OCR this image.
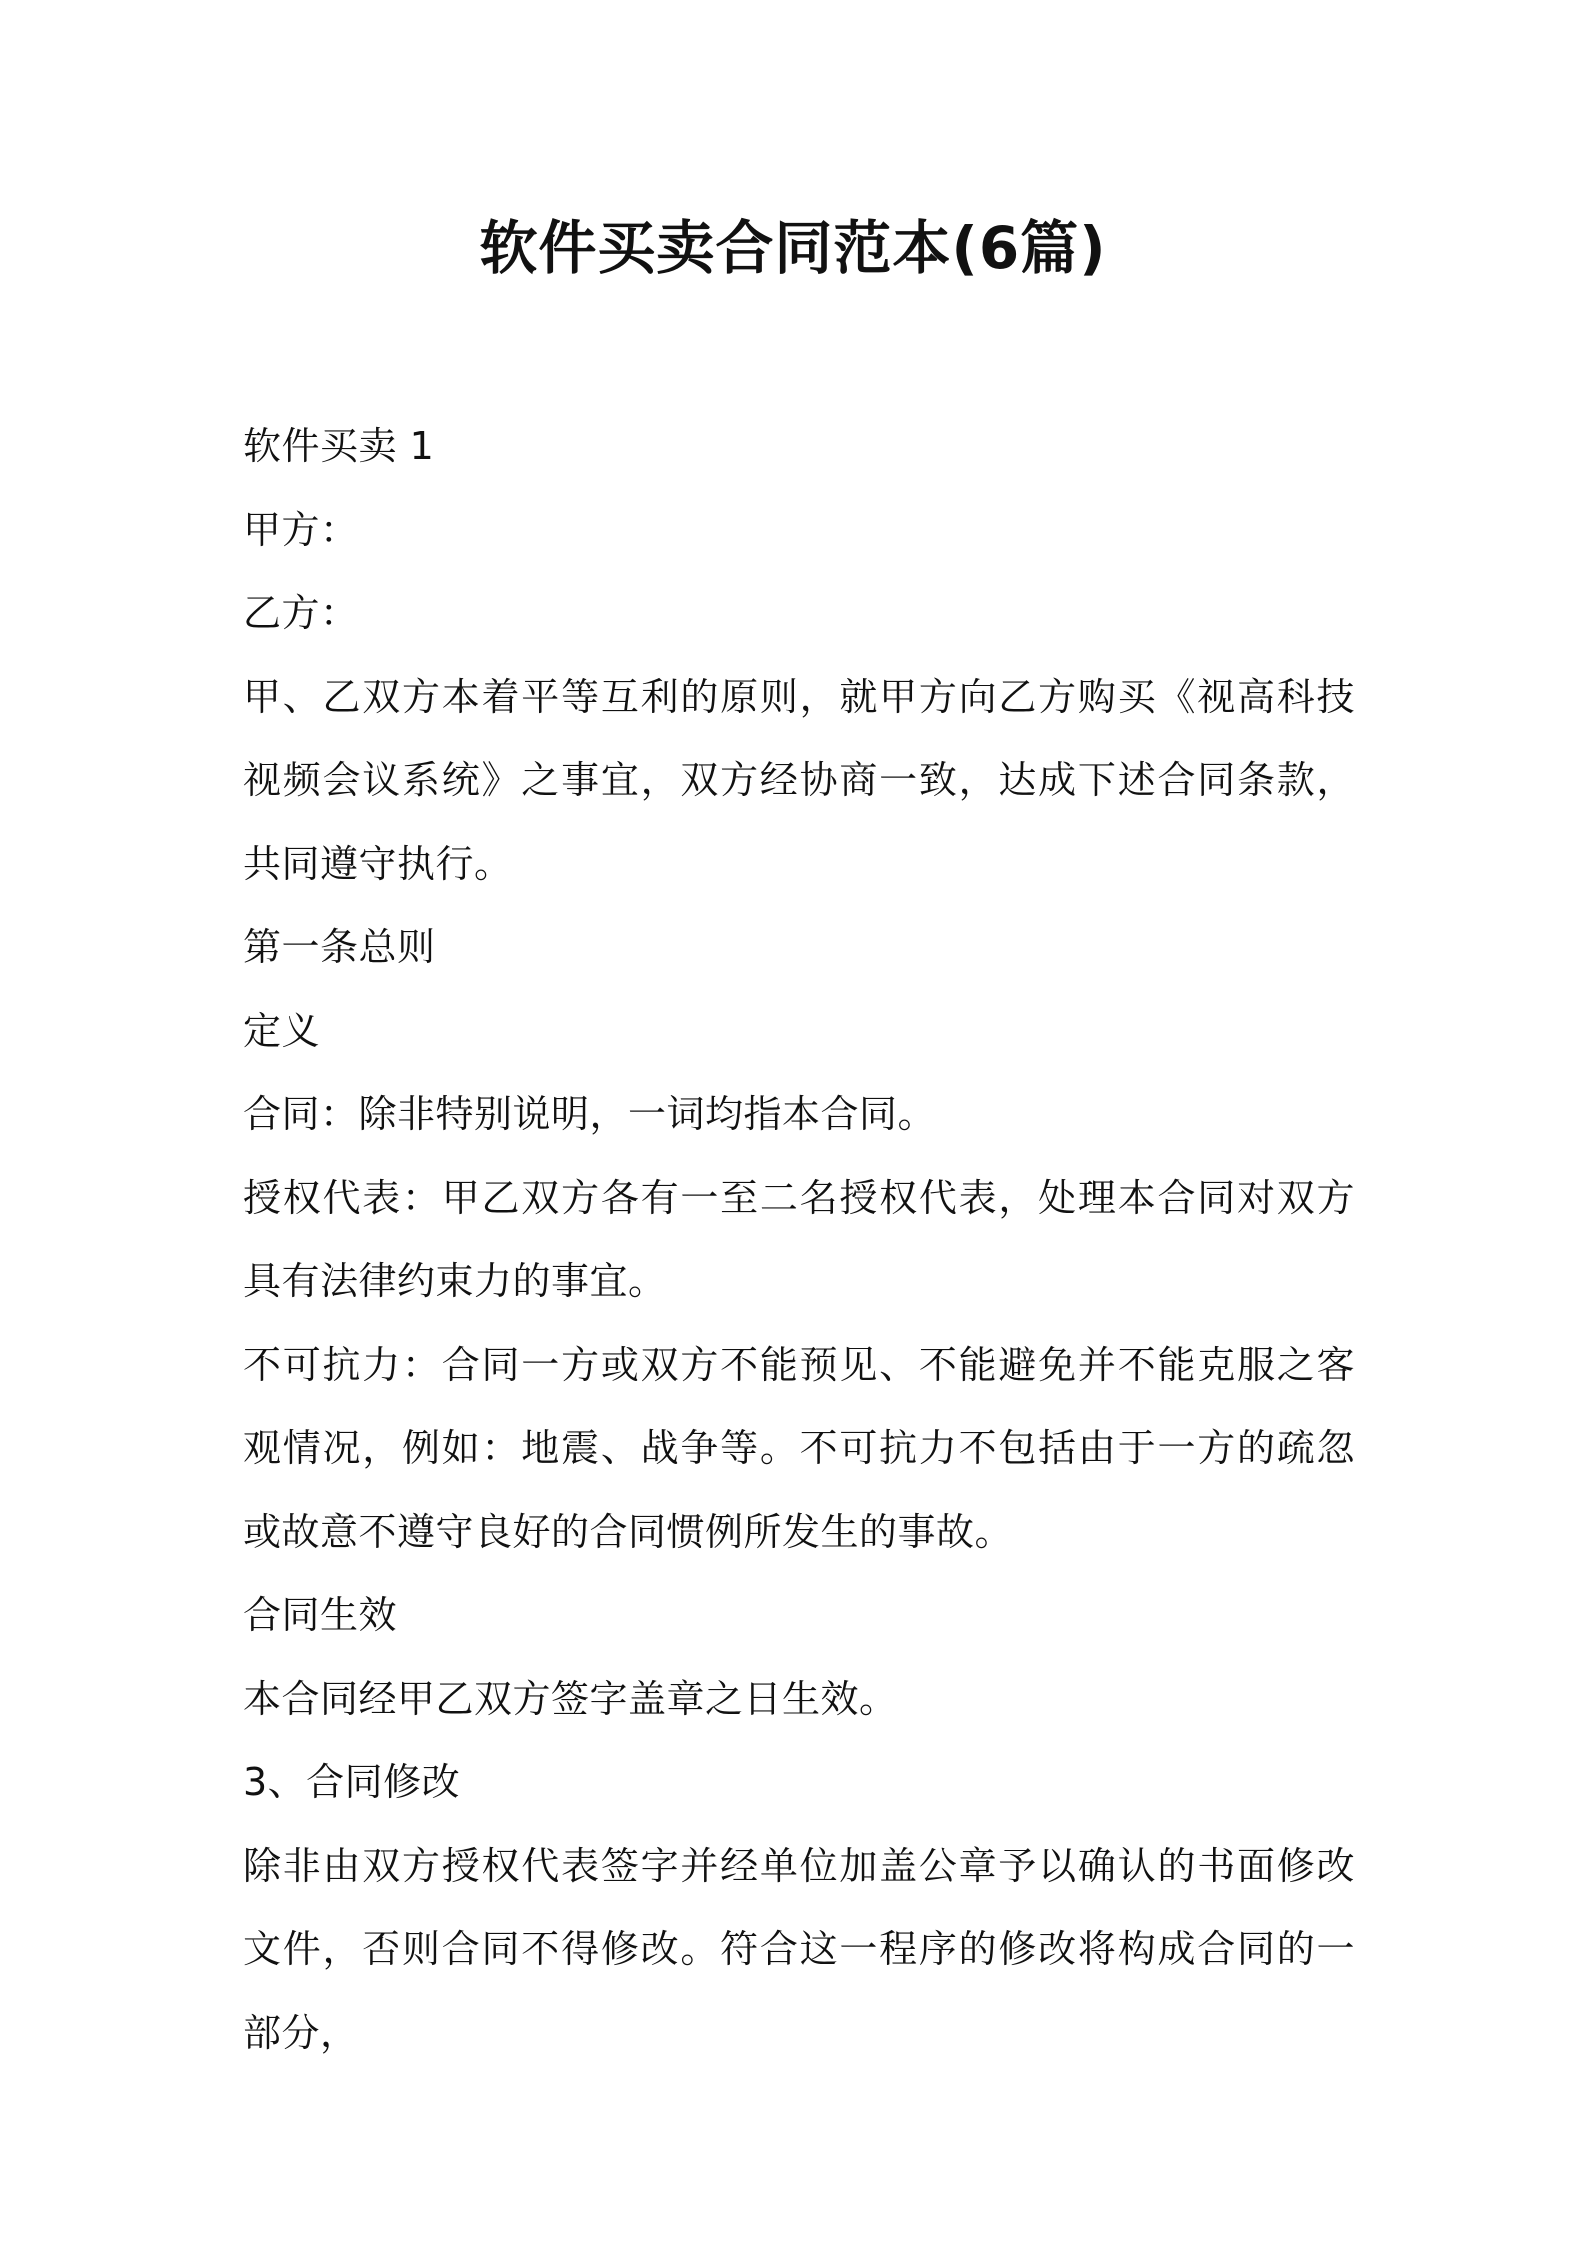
软件买卖合同范本(6篇)

软件买卖 1

甲方：

乙方：

甲、乙双方本着平等互利的原则，就甲方向乙方购买《视高科技视频会议系统》之事宜，双方经协商一致，达成下述合同条款，共同遵守执行。

第一条总则

定义

合同：除非特别说明，一词均指本合同。

授权代表：甲乙双方各有一至二名授权代表，处理本合同对双方具有法律约束力的事宜。

不可抗力：合同一方或双方不能预见、不能避免并不能克服之客观情况，例如：地震、战争等。不可抗力不包括由于一方的疏忽或故意不遵守良好的合同惯例所发生的事故。

合同生效

本合同经甲乙双方签字盖章之日生效。

3、合同修改

除非由双方授权代表签字并经单位加盖公章予以确认的书面修改文件，否则合同不得修改。符合这一程序的修改将构成合同的一部分，
